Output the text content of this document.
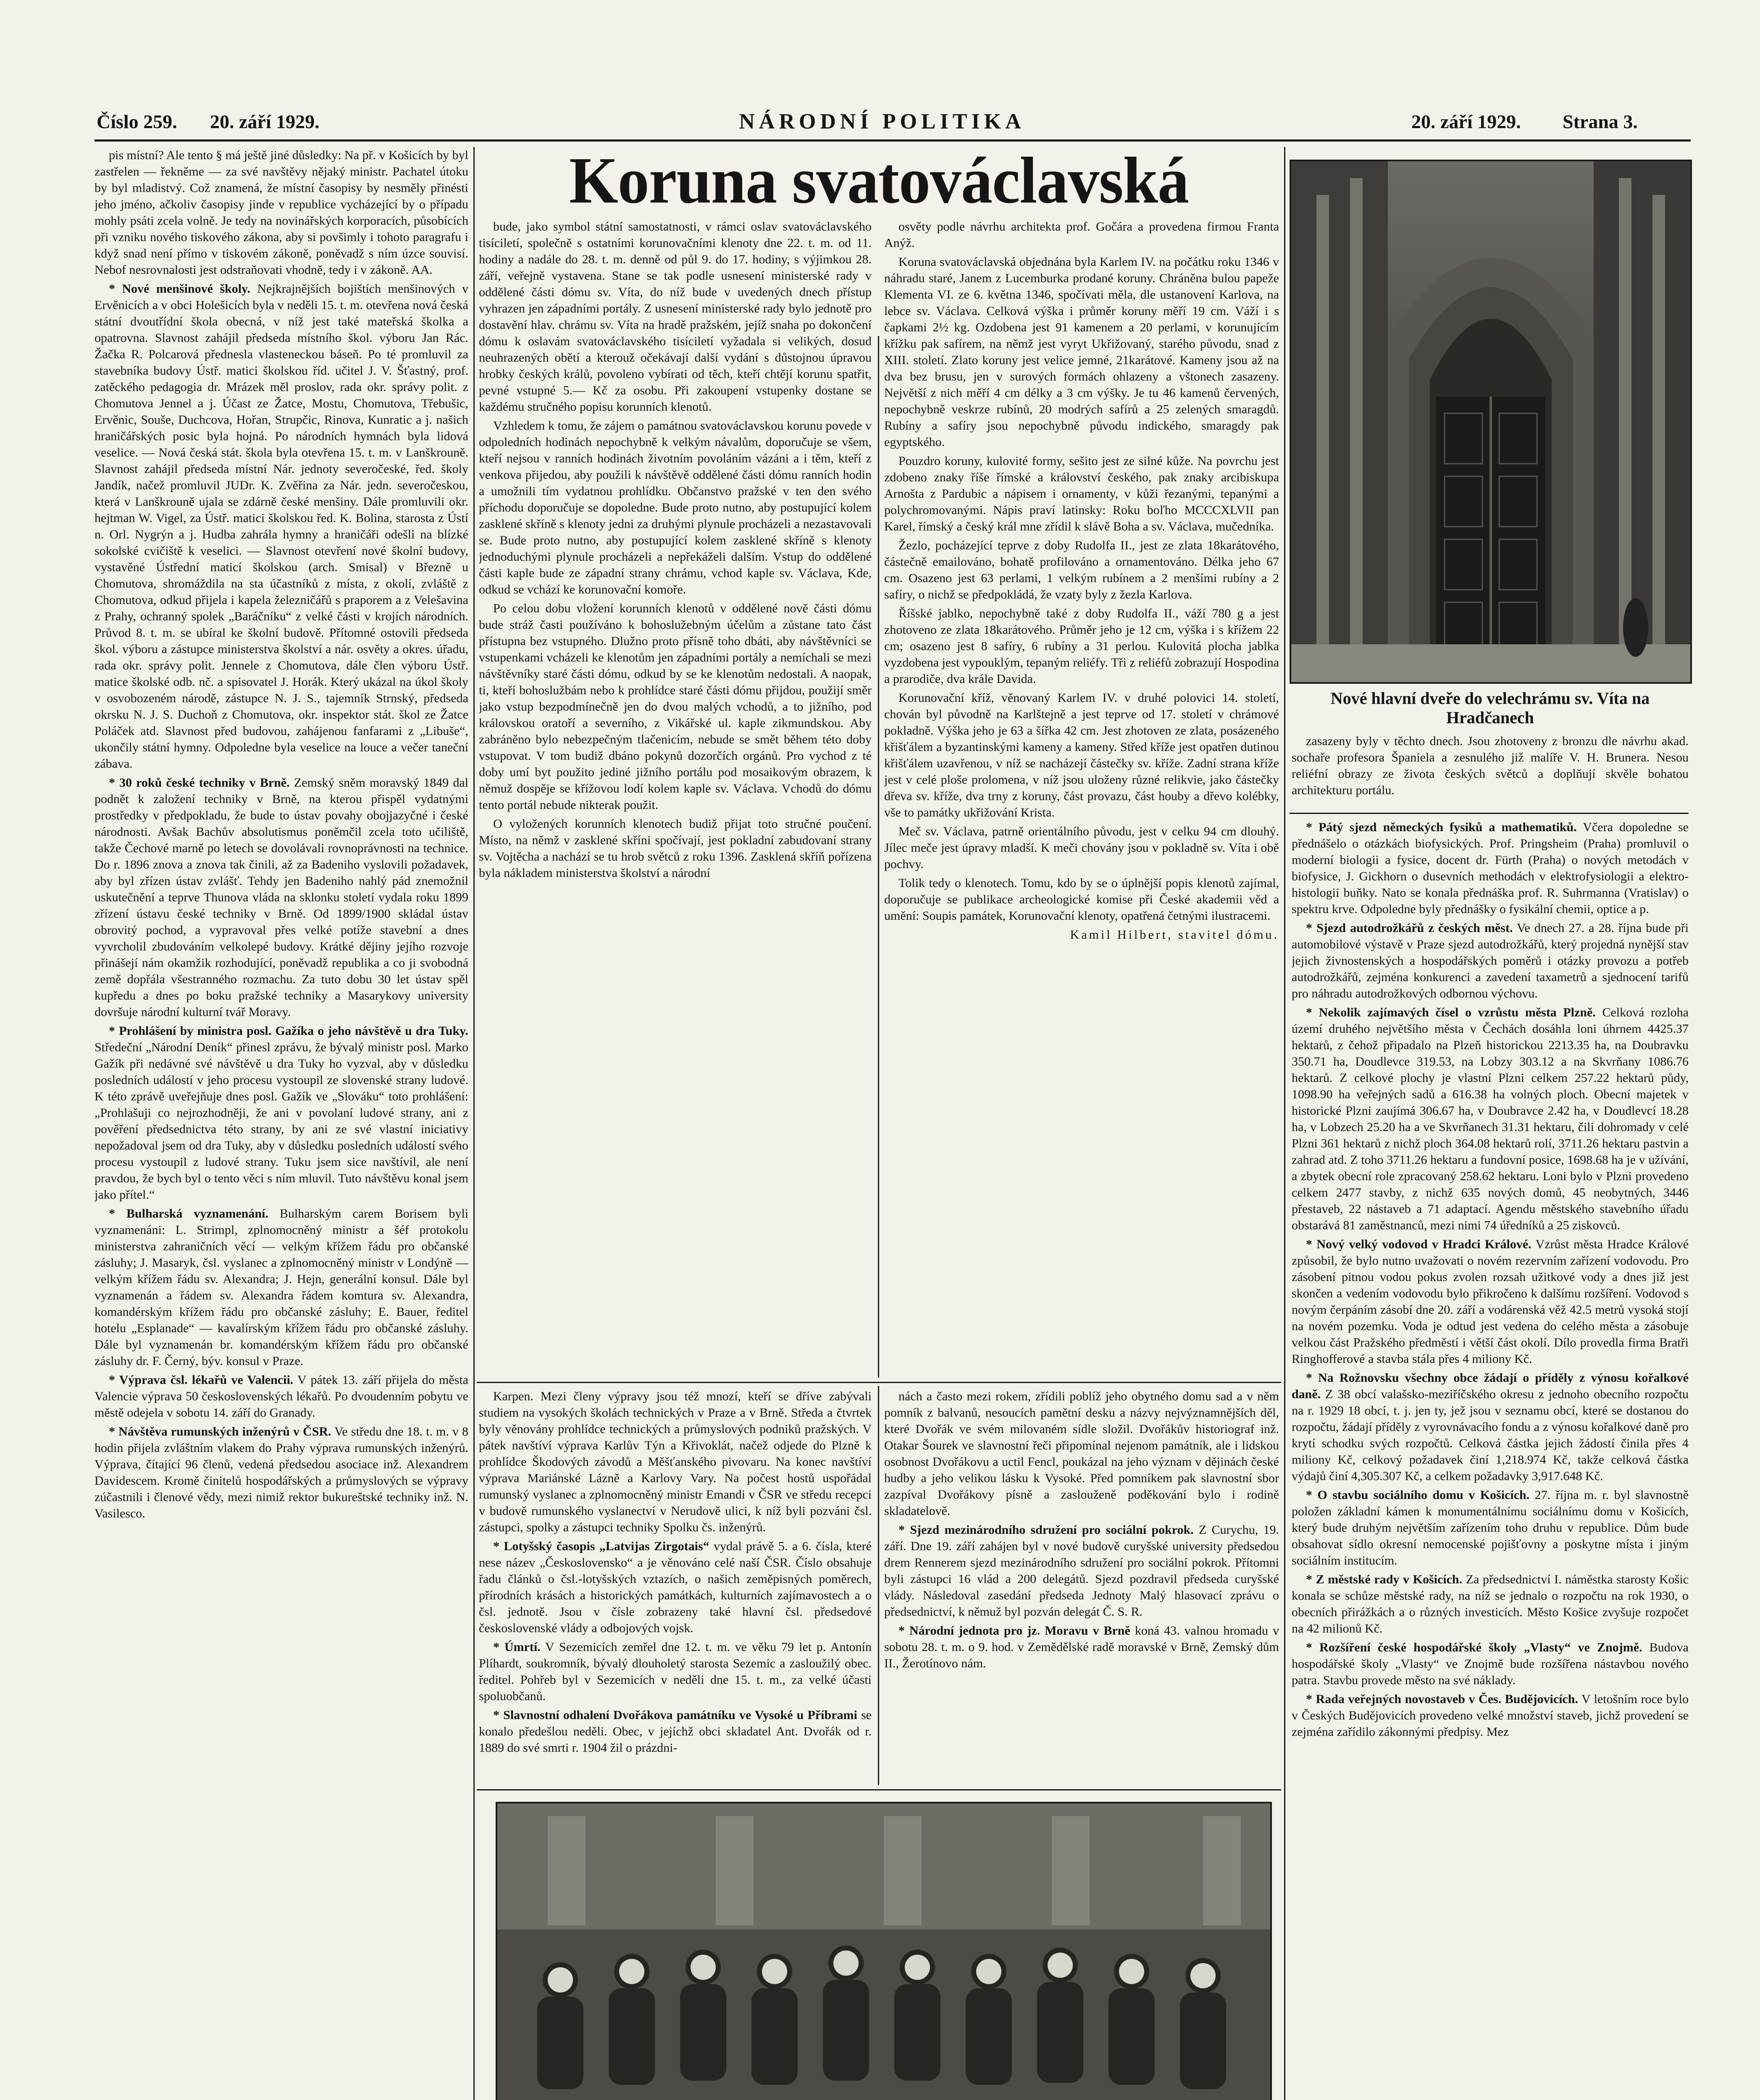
Číslo 259. 20. září 1929.	NÁRODNÍ POLITIKA	20. září 1929. Strana 3.

pis místní? Ale tento § má ještě jiné důsledky: Na př. v Košicích by byl zastřelen — řekněme — za své navštěvy nějaký ministr. Pachatel útoku by byl mladistvý. Což znamená, že místní časopisy by nesměly přinésti jeho jméno, ačkoliv časopisy jinde v republice vycházející by o případu mohly psáti zcela volně. Je tedy na novinářských korporacích, působících při vzniku nového tiskového zákona, aby si povšimly i tohoto paragrafu i když snad není přímo v tiskovém zákoně, poněvadž s ním úzce souvisí. Nebof nesrovnalosti jest odstraňovati vhodně, tedy i v zákoně. AA.

* Nové menšinové školy. Nejkrajnějších bojištích menšinových v Ervěnicích a v obci Holešicích byla v neděli 15. t. m. otevřena nová česká státní dvoutřídní škola obecná, v níž jest také mateřská školka a opatrovna. Slavnost zahájil předseda místního škol. výboru Jan Rác. Žačka R. Polcarová přednesla vlasteneckou báseň. Po té promluvil za stavebníka budovy Ústř. matici školskou říd. učitel J. V. Šťastný, prof. zatěckého pedagogia dr. Mrázek měl proslov, rada okr. správy polit. z Chomutova Jennel a j. Účast ze Žatce, Mostu, Chomutova, Třebušic, Ervěnic, Souše, Duchcova, Hořan, Strupčic, Rinova, Kunratic a j. našich hraničářských posic byla hojná. Po národních hymnách byla lidová veselice. — Nová česká stát. škola byla otevřena 15. t. m. v Lanškrouně. Slavnost zahájil předseda místní Nár. jednoty severočeské, řed. školy Jandík, načež promluvil JUDr. K. Zvěřina za Nár. jedn. severočeskou, která v Lanškrouně ujala se zdárně české menšiny. Dále promluvili okr. hejtman W. Vigel, za Ústř. matici školskou řed. K. Bolina, starosta z Ústí n. Orl. Nygrýn a j. Hudba zahrála hymny a hraničáři odešli na blízké sokolské cvičiště k veselici. — Slavnost otevření nové školní budovy, vystavěné Ústřední maticí školskou (arch. Smisal) v Březně u Chomutova, shromáždila na sta účastníků z místa, z okolí, zvláště z Chomutova, odkud přijela i kapela železničářů s praporem a z Velešavina z Prahy, ochranný spolek „Baráčníku“ z velké části v krojích národních. Průvod 8. t. m. se ubíral ke školní budově. Přítomné ostovili předseda škol. výboru a zástupce ministerstva školství a nár. osvěty a okres. úřadu, rada okr. správy polit. Jennele z Chomutova, dále člen výboru Ústř. matice školské odb. nč. a spisovatel J. Horák. Který ukázal na úkol školy v osvobozeném národě, zástupce N. J. S., tajemník Strnský, předseda okrsku N. J. S. Duchoň z Chomutova, okr. inspektor stát. škol ze Žatce Poláček atd. Slavnost před budovou, zahájenou fanfarami z „Libuše“, ukončily státní hymny. Odpoledne byla veselice na louce a večer taneční zábava.

* 30 roků české techniky v Brně. Zemský sněm moravský 1849 dal podnět k založení techniky v Brně, na kterou přispěl vydatnými prostředky v předpokladu, že bude to ústav povahy obojjazyčné i české národnosti. Avšak Bachův absolutismus poněmčil zcela toto učiliště, takže Čechové marně po letech se dovolávali rovnoprávnosti na technice. Do r. 1896 znova a znova tak činili, až za Badeniho vyslovili požadavek, aby byl zřízen ústav zvlášť. Tehdy jen Badeniho nahlý pád znemožnil uskutečnění a teprve Thunova vláda na sklonku století vydala roku 1899 zřízení ústavu české techniky v Brně. Od 1899/1900 skládal ústav obrovitý pochod, a vypravoval přes velké potíže stavební a dnes vyvrcholil zbudováním velkolepé budovy. Krátké dějiny jejího rozvoje přinášejí nám okamžik rozhodující, poněvadž republika a co ji svobodná země dopřála všestranného rozmachu. Za tuto dobu 30 let ústav spěl kupředu a dnes po boku pražské techniky a Masarykovy university dovršuje národní kulturní tvář Moravy.

* Prohlášení by ministra posl. Gažíka o jeho návštěvě u dra Tuky. Středeční „Národní Deník“ přinesl zprávu, že bývalý ministr posl. Marko Gažík při nedávné své návštěvě u dra Tuky ho vyzval, aby v důsledku posledních událostí v jeho procesu vystoupil ze slovenské strany ludové. K této zprávě uveřejňuje dnes posl. Gažík ve „Slováku“ toto prohlášení: „Prohlašuji co nejrozhodněji, že ani v povolaní ludové strany, ani z pověření předsednictva této strany, by ani ze své vlastní iniciativy nepožadoval jsem od dra Tuky, aby v důsledku posledních událostí svého procesu vystoupil z ludové strany. Tuku jsem sice navštívil, ale není pravdou, že bych byl o tento věci s ním mluvil. Tuto návštěvu konal jsem jako přítel.“

* Bulharská vyznamenání. Bulharským carem Borisem byli vyznamenáni: L. Strimpl, zplnomocněný ministr a šéf protokolu ministerstva zahraničních věcí — velkým křížem řádu pro občanské zásluhy; J. Masaryk, čsl. vyslanec a zplnomocněný ministr v Londýně — velkým křížem řádu sv. Alexandra; J. Hejn, generální konsul. Dále byl vyznamenán a řádem sv. Alexandra řádem komtura sv. Alexandra, komandérským křížem řádu pro občanské zásluhy; E. Bauer, ředitel hotelu „Esplanade“ — kavalírským křížem řádu pro občanské zásluhy. Dále byl vyznamenán br. komandérským křížem řádu pro občanské zásluhy dr. F. Černý, býv. konsul v Praze.

* Výprava čsl. lékařů ve Valencii. V pátek 13. září přijela do města Valencie výprava 50 československých lékařů. Po dvoudenním pobytu ve městě odejela v sobotu 14. září do Granady.

* Návštěva rumunských inženýrů v ČSR. Ve středu dne 18. t. m. v 8 hodin přijela zvláštním vlakem do Prahy výprava rumunských inženýrů. Výprava, čítající 96 členů, vedená předsedou asociace inž. Alexandrem Davidescem. Kromě činitelů hospodářských a průmyslových se výpravy zúčastnili i členové vědy, mezi nimiž rektor bukureštské techniky inž. N. Vasilesco.

Koruna svatováclavská

bude, jako symbol státní samostatnosti, v rámci oslav svatováclavského tisíciletí, společně s ostatními korunovačními klenoty dne 22. t. m. od 11. hodiny a nadále do 28. t. m. denně od půl 9. do 17. hodiny, s výjimkou 28. září, veřejně vystavena. Stane se tak podle usnesení ministerské rady v oddělené části dómu sv. Víta, do níž bude v uvedených dnech přístup vyhrazen jen západními portály. Z usnesení ministerské rady bylo jednotě pro dostavění hlav. chrámu sv. Víta na hradě pražském, jejíž snaha po dokončení dómu k oslavám svatováclavského tisíciletí vyžadala si velikých, dosud neuhrazených obětí a kterouž očekávají další vydání s důstojnou úpravou hrobky českých králů, povoleno vybírati od těch, kteří chtějí korunu spatřit, pevné vstupné 5.— Kč za osobu. Při zakoupení vstupenky dostane se každému stručného popisu korunních klenotů.

Vzhledem k tomu, že zájem o památnou svatováclavskou korunu povede v odpoledních hodinách nepochybně k velkým návalům, doporučuje se všem, kteří nejsou v ranních hodinách životním povoláním vázáni a i těm, kteří z venkova přijedou, aby použili k návštěvě oddělené části dómu ranních hodin a umožnili tím vydatnou prohlídku. Občanstvo pražské v ten den svého příchodu doporučuje se dopoledne. Bude proto nutno, aby postupující kolem zasklené skříně s klenoty jedni za druhými plynule procházeli a nezastavovali se. Bude proto nutno, aby postupující kolem zasklené skříně s klenoty jednoduchými plynule procházeli a nepřekáželi dalším. Vstup do oddělené části kaple bude ze západní strany chrámu, vchod kaple sv. Václava, Kde, odkud se vchází ke korunovační komoře.

Po celou dobu vložení korunních klenotů v oddělené nově části dómu bude stráž časti používáno k bohoslužebným účelům a zůstane tato část přístupna bez vstupného. Dlužno proto přísně toho dbáti, aby návštěvníci se vstupenkami vcházeli ke klenotům jen západními portály a nemíchali se mezi návštěvníky staré části dómu, odkud by se ke klenotům nedostali. A naopak, ti, kteří bohoslužbám nebo k prohlídce staré části dómu přijdou, použijí směr jako vstup bezpodmínečně jen do dvou malých vchodů, a to jižního, pod královskou oratoří a severního, z Vikářské ul. kaple zikmundskou. Aby zabráněno bylo nebezpečným tlačenicím, nebude se smět během této doby vstupovat. V tom budiž dbáno pokynů dozorčích orgánů. Pro vychod z té doby umí byt použito jediné jižního portálu pod mosaikovým obrazem, k němuž dospěje se křížovou lodí kolem kaple sv. Václava. Vchodů do dómu tento portál nebude nikterak použit.

O vyložených korunních klenotech budiž přijat toto stručné poučení. Místo, na němž v zasklené skříni spočívají, jest pokladní zabudovaní strany sv. Vojtěcha a nachází se tu hrob světců z roku 1396. Zasklená skříň pořízena byla nákladem ministerstva školství a národní

osvěty podle návrhu architekta prof. Gočára a provedena firmou Franta Anýž.

Koruna svatováclavská objednána byla Karlem IV. na počátku roku 1346 v náhradu staré, Janem z Lucemburka prodané koruny. Chráněna bulou papeže Klementa VI. ze 6. května 1346, spočívati měla, dle ustanovení Karlova, na lebce sv. Václava. Celková výška i průměr koruny měří 19 cm. Váží i s čapkami 2½ kg. Ozdobena jest 91 kamenem a 20 perlami, v korunujícím křížku pak safírem, na němž jest vyryt Ukřižovaný, starého původu, snad z XIII. století. Zlato koruny jest velice jemné, 21karátové. Kameny jsou až na dva bez brusu, jen v surových formách ohlazeny a vštonech zasazeny. Největší z nich měří 4 cm délky a 3 cm výšky. Je tu 46 kamenů červených, nepochybně veskrze rubínů, 20 modrých safírů a 25 zelených smaragdů. Rubíny a safíry jsou nepochybně původu indického, smaragdy pak egyptského.

Pouzdro koruny, kulovité formy, sešito jest ze silné kůže. Na povrchu jest zdobeno znaky říše římské a království českého, pak znaky arcibiskupa Arnošta z Pardubic a nápisem i ornamenty, v kůži řezanými, tepanými a polychromovanými. Nápis praví latinsky: Roku boľho MCCCXLVII pan Karel, římský a český král mne zřídil k slávě Boha a sv. Václava, mučedníka.

Žezlo, pocházející teprve z doby Rudolfa II., jest ze zlata 18karátového, částečně emailováno, bohatě profilováno a ornamentováno. Délka jeho 67 cm. Osazeno jest 63 perlami, 1 velkým rubínem a 2 menšími rubíny a 2 safíry, o nichž se předpokládá, že vzaty byly z žezla Karlova.

Říšské jablko, nepochybně také z doby Rudolfa II., váží 780 g a jest zhotoveno ze zlata 18karátového. Průměr jeho je 12 cm, výška i s křížem 22 cm; osazeno jest 8 safíry, 6 rubíny a 31 perlou. Kulovitá plocha jablka vyzdobena jest vypouklým, tepaným reliéfy. Tři z reliéfů zobrazují Hospodina a prarodiče, dva krále Davida.

Korunovační kříž, věnovaný Karlem IV. v druhé polovici 14. století, chován byl původně na Karlštejně a jest teprve od 17. století v chrámové pokladně. Výška jeho je 63 a šířka 42 cm. Jest zhotoven ze zlata, posázeného křišťálem a byzantinskými kameny a kameny. Střed kříže jest opatřen dutinou křišťálem uzavřenou, v níž se nacházejí částečky sv. kříže. Zadní strana kříže jest v celé ploše prolomena, v níž jsou uloženy různé relikvie, jako částečky dřeva sv. kříže, dva trny z koruny, část provazu, část houby a dřevo kolébky, vše to památky ukřižování Krista.

Meč sv. Václava, patrně orientálního původu, jest v celku 94 cm dlouhý. Jílec meče jest úpravy mladší. K meči chovány jsou v pokladně sv. Víta i obě pochvy.

Tolik tedy o klenotech. Tomu, kdo by se o úplnější popis klenotů zajímal, doporučuje se publikace archeologické komise při České akademii věd a umění: Soupis památek, Korunovační klenoty, opatřená četnými ilustracemi.

Kamil Hilbert, stavitel dómu.

Nové hlavní dveře do velechrámu sv. Víta na Hradčanech

zasazeny byly v těchto dnech. Jsou zhotoveny z bronzu dle návrhu akad. sochaře profesora Španiela a zesnulého již malíře V. H. Brunera. Nesou reliéfní obrazy ze života českých světců a doplňují skvěle bohatou architekturu portálu.

* Pátý sjezd německých fysiků a mathematiků. Včera dopoledne se přednášelo o otázkách biofysických. Prof. Pringsheim (Praha) promluvil o moderní biologii a fysice, docent dr. Fürth (Praha) o nových metodách v biofysice, J. Gickhorn o dusevních methodách v elektrofysiologii a elektro-histologii buňky. Nato se konala přednáška prof. R. Suhrmanna (Vratislav) o spektru krve. Odpoledne byly přednášky o fysikální chemii, optice a p.

* Sjezd autodrožkářů z českých měst. Ve dnech 27. a 28. října bude při automobilové výstavě v Praze sjezd autodrožkářů, který projedná nynější stav jejich živnostenských a hospodářských poměrů i otázky provozu a potřeb autodrožkářů, zejména konkurenci a zavedení taxametrů a sjednocení tarifů pro náhradu autodrožkových odbornou výchovu.

* Nekolik zajímavých čísel o vzrůstu města Plzně. Celková rozloha území druhého největšího města v Čechách dosáhla loni úhrnem 4425.37 hektarů, z čehož připadalo na Plzeň historickou 2213.35 ha, na Doubravku 350.71 ha, Doudlevce 319.53, na Lobzy 303.12 a na Skvrňany 1086.76 hektarů. Z celkové plochy je vlastní Plzni celkem 257.22 hektarů půdy, 1098.90 ha veřejných sadů a 616.38 ha volných ploch. Obecní majetek v historické Plzni zaujímá 306.67 ha, v Doubravce 2.42 ha, v Doudlevcí 18.28 ha, v Lobzech 25.20 ha a ve Skvrňanech 31.31 hektaru, čili dohromady v celé Plzni 361 hektarů z nichž ploch 364.08 hektarů rolí, 3711.26 hektaru pastvin a zahrad atd. Z toho 3711.26 hektaru a fundovní posice, 1698.68 ha je v užívání, a zbytek obecní role zpracovaný 258.62 hektaru. Loni bylo v Plzni provedeno celkem 2477 stavby, z nichž 635 nových domů, 45 neobytných, 3446 přestaveb, 22 nástaveb a 71 adaptací. Agendu městského stavebního úřadu obstarává 81 zaměstnanců, mezi nimi 74 úředníků a 25 ziskovců.

* Nový velký vodovod v Hradci Králové. Vzrůst města Hradce Králové způsobil, že bylo nutno uvažovati o novém rezervním zařízení vodovodu. Pro zásobení pitnou vodou pokus zvolen rozsah užitkové vody a dnes již jest skončen a vedením vodovodu bylo přikročeno k dalšímu rozšíření. Vodovod s novým čerpáním zásobí dne 20. září a vodárenská věž 42.5 metrů vysoká stojí na novém pozemku. Voda je odtud jest vedena do celého města a zásobuje velkou část Pražského předměstí i větší část okolí. Dílo provedla firma Bratři Ringhofferové a stavba stála přes 4 miliony Kč.

* Na Rožnovsku všechny obce žádají o příděly z výnosu kořalkové daně. Z 38 obcí valašsko-meziříčského okresu z jednoho obecního rozpočtu na r. 1929 18 obcí, t. j. jen ty, jež jsou v seznamu obcí, které se dostanou do rozpočtu, žádají příděly z vyrovnávacího fondu a z výnosu kořalkové daně pro krytí schodku svých rozpočtů. Celková částka jejich žádostí činila přes 4 miliony Kč, celkový požadavek činí 1,218.974 Kč, takže celková částka výdajů činí 4,305.307 Kč, a celkem požadavky 3,917.648 Kč.

* O stavbu sociálního domu v Košicích. 27. října m. r. byl slavnostně položen základní kámen k monumentálnímu sociálnímu domu v Košicích, který bude druhým největším zařízením toho druhu v republice. Dům bude obsahovat sídlo okresní nemocenské pojišťovny a poskytne místa i jiným sociálním institucím.

* Z městské rady v Košicích. Za předsednictví I. náměstka starosty Košic konala se schůze městské rady, na níž se jednalo o rozpočtu na rok 1930, o obecních přirážkách a o různých investicích. Město Košice zvyšuje rozpočet na 42 milionů Kč.

* Rozšíření české hospodářské školy „Vlasty“ ve Znojmě. Budova hospodářské školy „Vlasty“ ve Znojmě bude rozšířena nástavbou nového patra. Stavbu provede město na své náklady.

* Rada veřejných novostaveb v Čes. Budějovicích. V letošním roce bylo v Českých Budějovicích provedeno velké množství staveb, jichž provedení se zejména zařídilo zákonnými předpisy. Mez

Karpen. Mezi členy výpravy jsou též mnozí, kteří se dříve zabývali studiem na vysokých školách technických v Praze a v Brně. Středa a čtvrtek byly věnovány prohlídce technických a průmyslových podniků pražských. V pátek navštíví výprava Karlův Týn a Křivoklát, načež odjede do Plzně k prohlídce Škodových závodů a Měšťanského pivovaru. Na konec navštíví výprava Mariánské Lázně a Karlovy Vary. Na počest hostů uspořádal rumunský vyslanec a zplnomocněný ministr Emandi v ČSR ve středu recepci v budově rumunského vyslanectví v Nerudově ulici, k níž byli pozváni čsl. zástupci, spolky a zástupci techniky Spolku čs. inženýrů.

* Lotyšský časopis „Latvijas Zirgotais“ vydal právě 5. a 6. čísla, které nese název „Československo“ a je věnováno celé naší ČSR. Číslo obsahuje řadu článků o čsl.-lotyšských vztazích, o našich zeměpisných poměrech, přírodních krásách a historických památkách, kulturních zajímavostech a o čsl. jednotě. Jsou v čísle zobrazeny také hlavní čsl. předsedové československé vlády a odbojových vojsk.

* Úmrtí. V Sezemicích zemřel dne 12. t. m. ve věku 79 let p. Antonín Plíhardt, soukromník, bývalý dlouholetý starosta Sezemic a zasloužilý obec. ředitel. Pohřeb byl v Sezemicích v neděli dne 15. t. m., za velké účasti spoluobčanů.

* Slavnostní odhalení Dvořákova památníku ve Vysoké u Příbrami se konalo předešlou neděli. Obec, v jejíchž obci skladatel Ant. Dvořák od r. 1889 do své smrti r. 1904 žil o prázdni-

nách a často mezi rokem, zřídili poblíž jeho obytného domu sad a v něm pomník z balvanů, nesoucích pamětní desku a názvy nejvýznamnějších děl, které Dvořák ve svém milovaném sídle složil. Dvořákův historiograf inž. Otakar Šourek ve slavnostní řeči připomínal nejenom památník, ale i lidskou osobnost Dvořákovu a uctil Fencl, poukázal na jeho význam v dějinách české hudby a jeho velikou lásku k Vysoké. Před pomníkem pak slavnostní sbor zazpíval Dvořákovy písně a zaslouženě poděkování bylo i rodině skladatelově.

* Sjezd mezinárodního sdružení pro sociální pokrok. Z Curychu, 19. září. Dne 19. září zahájen byl v nové budově curyšské university předsedou drem Rennerem sjezd mezinárodního sdružení pro sociální pokrok. Přítomni byli zástupci 16 vlád a 200 delegátů. Sjezd pozdravil předseda curyšské vlády. Následoval zasedání předseda Jednoty Malý hlasovací zprávu o předsednictví, k němuž byl pozván delegát Č. S. R.

* Národní jednota pro jz. Moravu v Brně koná 43. valnou hromadu v sobotu 28. t. m. o 9. hod. v Zemědělské radě moravské v Brně, Zemský dům II., Žerotínovo nám.
